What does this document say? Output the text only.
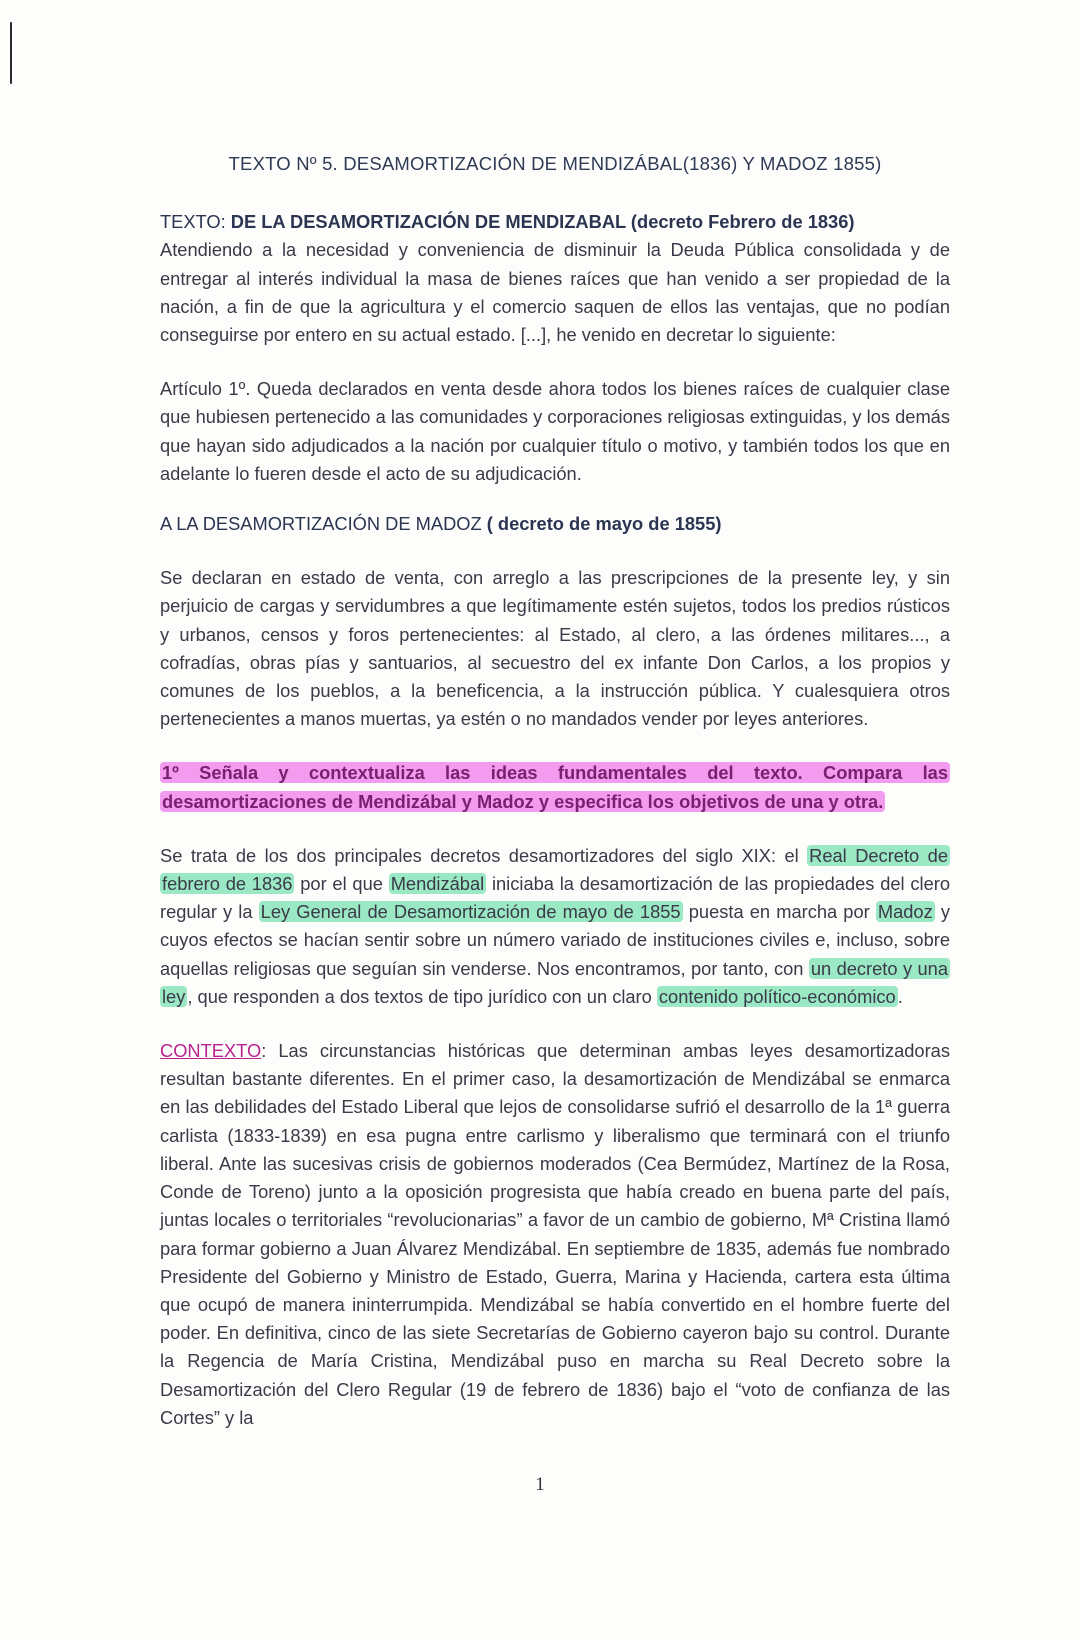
TEXTO Nº 5. DESAMORTIZACIÓN DE MENDIZÁBAL(1836) Y MADOZ 1855)
TEXTO: DE LA DESAMORTIZACIÓN DE MENDIZABAL (decreto Febrero de 1836)

Atendiendo a la necesidad y conveniencia de disminuir la Deuda Pública consolidada y de entregar al interés individual la masa de bienes raíces que han venido a ser propiedad de la nación, a fin de que la agricultura y el comercio saquen de ellos las ventajas, que no podían conseguirse por entero en su actual estado. [...], he venido en decretar lo siguiente:

Artículo 1º. Queda declarados en venta desde ahora todos los bienes raíces de cualquier clase que hubiesen pertenecido a las comunidades y corporaciones religiosas extinguidas, y los demás que hayan sido adjudicados a la nación por cualquier título o motivo, y también todos los que en adelante lo fueren desde el acto de su adjudicación.

A LA DESAMORTIZACIÓN DE MADOZ ( decreto de mayo de 1855)

Se declaran en estado de venta, con arreglo a las prescripciones de la presente ley, y sin perjuicio de cargas y servidumbres a que legítimamente estén sujetos, todos los predios rústicos y urbanos, censos y foros pertenecientes: al Estado, al clero, a las órdenes militares..., a cofradías, obras pías y santuarios, al secuestro del ex infante Don Carlos, a los propios y comunes de los pueblos, a la beneficencia, a la instrucción pública. Y cualesquiera otros pertenecientes a manos muertas, ya estén o no mandados vender por leyes anteriores.

1º Señala y contextualiza las ideas fundamentales del texto. Compara las desamortizaciones de Mendizábal y Madoz y especifica los objetivos de una y otra.

Se trata de los dos principales decretos desamortizadores del siglo XIX: el Real Decreto de febrero de 1836 por el que Mendizábal iniciaba la desamortización de las propiedades del clero regular y la Ley General de Desamortización de mayo de 1855 puesta en marcha por Madoz y cuyos efectos se hacían sentir sobre un número variado de instituciones civiles e, incluso, sobre aquellas religiosas que seguían sin venderse. Nos encontramos, por tanto, con un decreto y una ley , que responden a dos textos de tipo jurídico con un claro contenido político-económico .

CONTEXTO: Las circunstancias históricas que determinan ambas leyes desamortizadoras resultan bastante diferentes. En el primer caso, la desamortización de Mendizábal se enmarca en las debilidades del Estado Liberal que lejos de consolidarse sufrió el desarrollo de la 1ª guerra carlista (1833-1839) en esa pugna entre carlismo y liberalismo que terminará con el triunfo liberal. Ante las sucesivas crisis de gobiernos moderados (Cea Bermúdez, Martínez de la Rosa, Conde de Toreno) junto a la oposición progresista que había creado en buena parte del país, juntas locales o territoriales “revolucionarias” a favor de un cambio de gobierno, Mª Cristina llamó para formar gobierno a Juan Álvarez Mendizábal. En septiembre de 1835, además fue nombrado Presidente del Gobierno y Ministro de Estado, Guerra, Marina y Hacienda, cartera esta última que ocupó de manera ininterrumpida. Mendizábal se había convertido en el hombre fuerte del poder. En definitiva, cinco de las siete Secretarías de Gobierno cayeron bajo su control. Durante la Regencia de María Cristina, Mendizábal puso en marcha su Real Decreto sobre la Desamortización del Clero Regular (19 de febrero de 1836) bajo el “voto de confianza de las Cortes” y la

1
